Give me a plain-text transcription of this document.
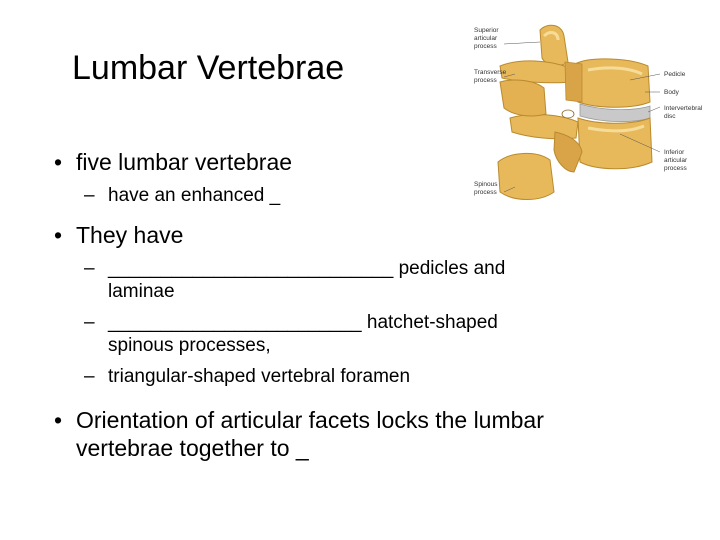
Lumbar Vertebrae
• five lumbar vertebrae
– have an enhanced _
• They have
– ___________________________ pedicles and laminae
– ________________________ hatchet-shaped spinous processes,
– triangular-shaped vertebral foramen
• Orientation of articular facets locks the lumbar vertebrae together to _
Superior
articular
process
Transverse
process
Spinous
process
Pedicle
Body
Intervertebral
disc
Inferior
articular
process
